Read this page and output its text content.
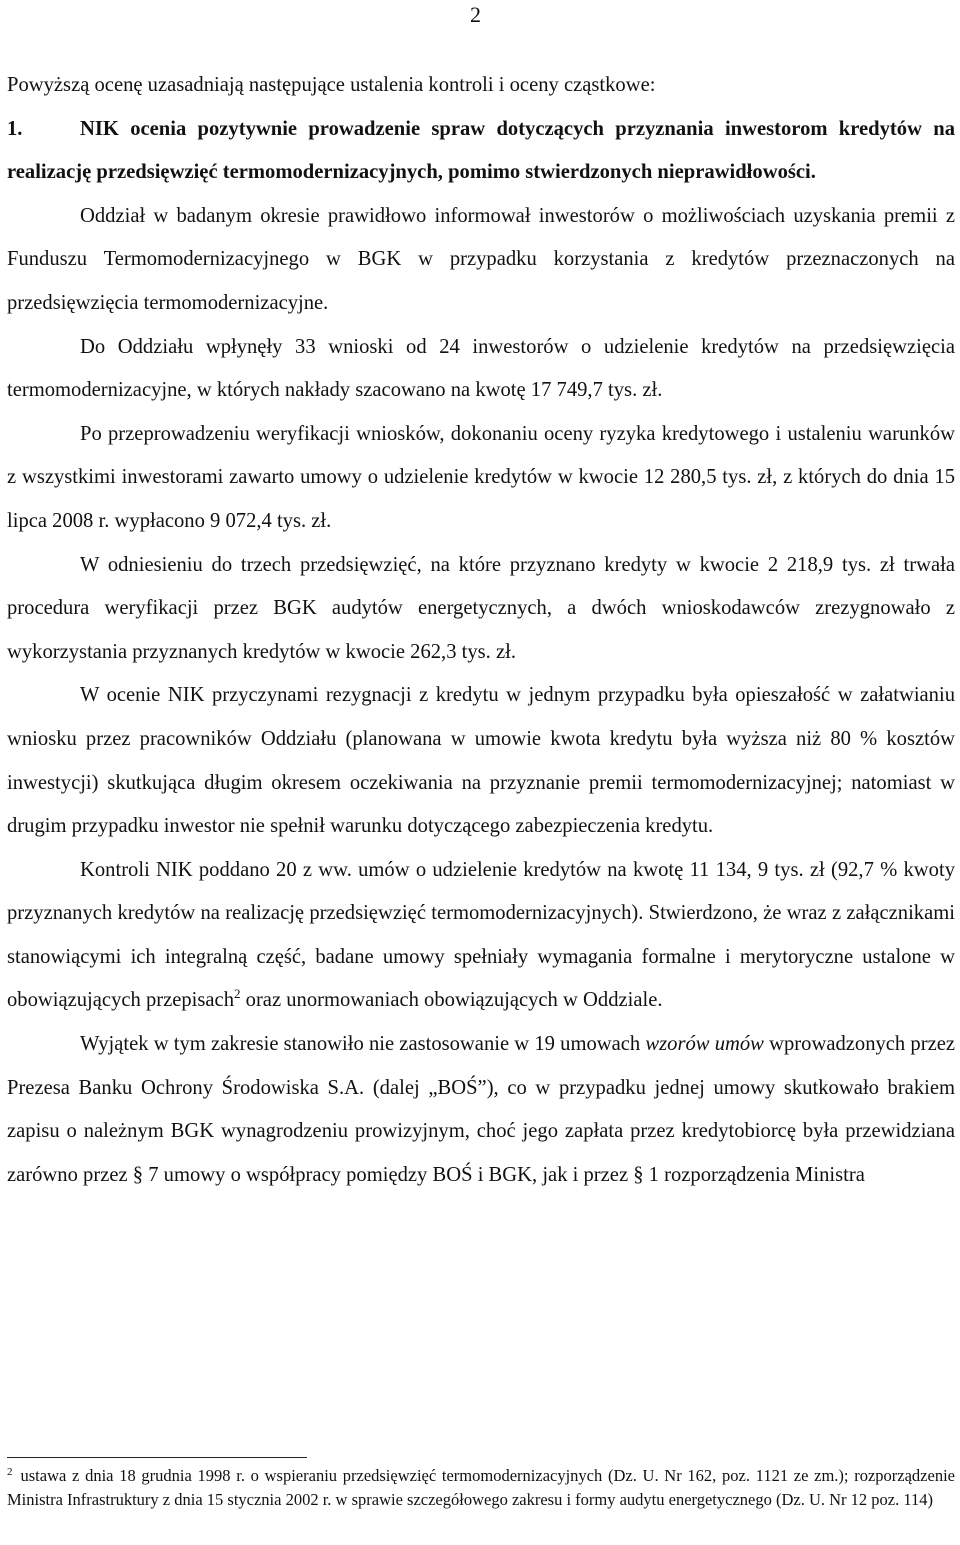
2

Powyższą ocenę uzasadniają następujące ustalenia kontroli i oceny cząstkowe:

1.	NIK ocenia pozytywnie prowadzenie spraw dotyczących przyznania inwestorom kredytów na realizację przedsięwzięć termomodernizacyjnych, pomimo stwierdzonych nieprawidłowości.

Oddział w badanym okresie prawidłowo informował inwestorów o możliwościach uzyskania premii z Funduszu Termomodernizacyjnego w BGK w przypadku korzystania z kredytów przeznaczonych na przedsięwzięcia termomodernizacyjne.

Do Oddziału wpłynęły 33 wnioski od 24 inwestorów o udzielenie kredytów na przedsięwzięcia termomodernizacyjne, w których nakłady szacowano na kwotę 17 749,7 tys. zł.

Po przeprowadzeniu weryfikacji wniosków, dokonaniu oceny ryzyka kredytowego i ustaleniu warunków z wszystkimi inwestorami zawarto umowy o udzielenie kredytów w kwocie 12 280,5 tys. zł, z których do dnia 15 lipca 2008 r. wypłacono 9 072,4 tys. zł.

W odniesieniu do trzech przedsięwzięć, na które przyznano kredyty w kwocie 2 218,9 tys. zł trwała procedura weryfikacji przez BGK audytów energetycznych, a dwóch wnioskodawców zrezygnowało z wykorzystania przyznanych kredytów w kwocie 262,3 tys. zł.

W ocenie NIK przyczynami rezygnacji z kredytu w jednym przypadku była opieszałość w załatwianiu wniosku przez pracowników Oddziału (planowana w umowie kwota kredytu była wyższa niż 80 % kosztów inwestycji) skutkująca długim okresem oczekiwania na przyznanie premii termomodernizacyjnej; natomiast w drugim przypadku inwestor nie spełnił warunku dotyczącego zabezpieczenia kredytu.

Kontroli NIK poddano 20 z ww. umów o udzielenie kredytów na kwotę 11 134, 9 tys. zł (92,7 % kwoty przyznanych kredytów na realizację przedsięwzięć termomodernizacyjnych). Stwierdzono, że wraz z załącznikami stanowiącymi ich integralną część, badane umowy spełniały wymagania formalne i merytoryczne ustalone w obowiązujących przepisach$^2$ oraz unormowaniach obowiązujących w Oddziale.

Wyjątek w tym zakresie stanowiło nie zastosowanie w 19 umowach wzorów umów wprowadzonych przez Prezesa Banku Ochrony Środowiska S.A. (dalej „BOŚ”), co w przypadku jednej umowy skutkowało brakiem zapisu o należnym BGK wynagrodzeniu prowizyjnym, choć jego zapłata przez kredytobiorcę była przewidziana zarówno przez § 7 umowy o współpracy pomiędzy BOŚ i BGK, jak i przez § 1 rozporządzenia Ministra

$^2$ ustawa z dnia 18 grudnia 1998 r. o wspieraniu przedsięwzięć termomodernizacyjnych (Dz. U. Nr 162, poz. 1121 ze zm.); rozporządzenie Ministra Infrastruktury z dnia 15 stycznia 2002 r. w sprawie szczegółowego zakresu i formy audytu energetycznego (Dz. U. Nr 12 poz. 114)
